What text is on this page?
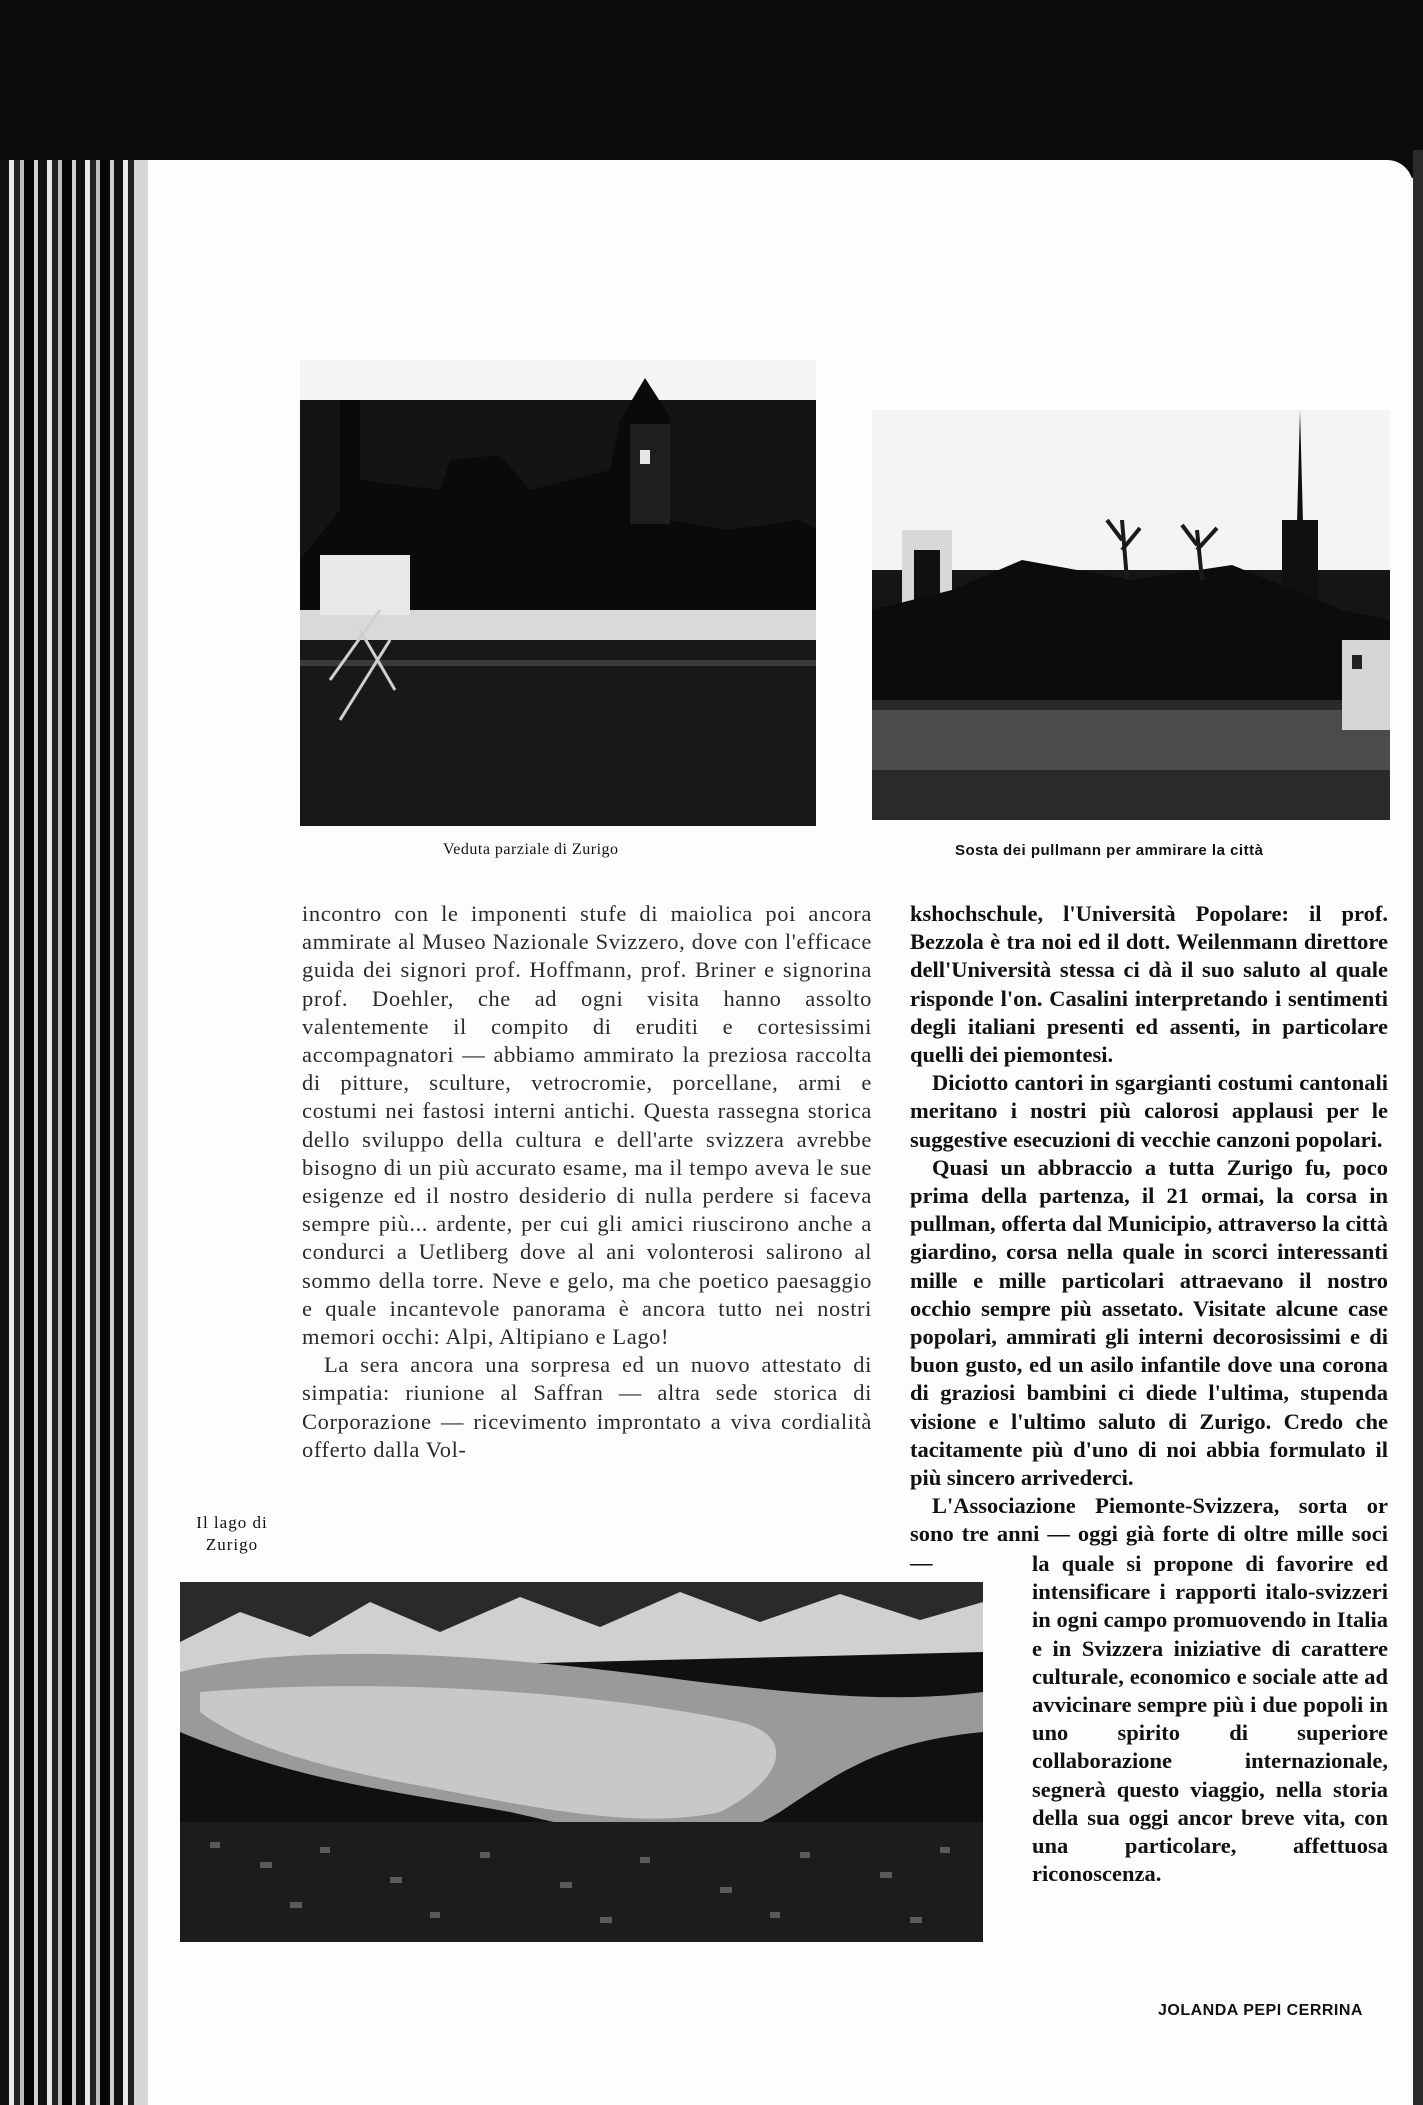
Veduta parziale di Zurigo	Sosta dei pullmann per ammirare la città

incontro con le imponenti stufe di maiolica poi ancora ammirate al Museo Nazionale Svizzero, dove con l'efficace guida dei signori prof. Hoffmann, prof. Briner e signorina prof. Doehler, che ad ogni visita hanno assolto valentemente il compito di eruditi e cortesissimi accompagnatori — abbiamo ammirato la preziosa raccolta di pitture, sculture, vetrocromie, porcellane, armi e costumi nei fastosi interni antichi. Questa rassegna storica dello sviluppo della cultura e dell'arte svizzera avrebbe bisogno di un più accurato esame, ma il tempo aveva le sue esigenze ed il nostro desiderio di nulla perdere si faceva sempre più... ardente, per cui gli amici riuscirono anche a condurci a Uetliberg dove al ani volonterosi salirono al sommo della torre. Neve e gelo, ma che poetico paesaggio e quale incantevole panorama è ancora tutto nei nostri memori occhi: Alpi, Altipiano e Lago!

La sera ancora una sorpresa ed un nuovo attestato di simpatia: riunione al Saffran — altra sede storica di Corporazione — ricevimento improntato a viva cordialità offerto dalla Vol-

kshochschule, l'Università Popolare: il prof. Bezzola è tra noi ed il dott. Weilenmann direttore dell'Università stessa ci dà il suo saluto al quale risponde l'on. Casalini interpretando i sentimenti degli italiani presenti ed assenti, in particolare quelli dei piemontesi.

Diciotto cantori in sgargianti costumi cantonali meritano i nostri più calorosi applausi per le suggestive esecuzioni di vecchie canzoni popolari.

Quasi un abbraccio a tutta Zurigo fu, poco prima della partenza, il 21 ormai, la corsa in pullman, offerta dal Municipio, attraverso la città giardino, corsa nella quale in scorci interessanti mille e mille particolari attraevano il nostro occhio sempre più assetato. Visitate alcune case popolari, ammirati gli interni decorosissimi e di buon gusto, ed un asilo infantile dove una corona di graziosi bambini ci diede l'ultima, stupenda visione e l'ultimo saluto di Zurigo. Credo che tacitamente più d'uno di noi abbia formulato il più sincero arrivederci.

L'Associazione Piemonte-Svizzera, sorta or sono tre anni — oggi già forte di oltre mille soci —	la quale si propone di favorire ed intensificare i rapporti italo-svizzeri in ogni campo promuovendo in Italia e in Svizzera iniziative di carattere culturale, economico e sociale atte ad avvicinare sempre più i due popoli in uno spirito di superiore collaborazione internazionale, segnerà questo viaggio, nella storia della sua oggi ancor breve vita, con una particolare, affettuosa riconoscenza.

Il lago di Zurigo
JOLANDA PEPI CERRINA
